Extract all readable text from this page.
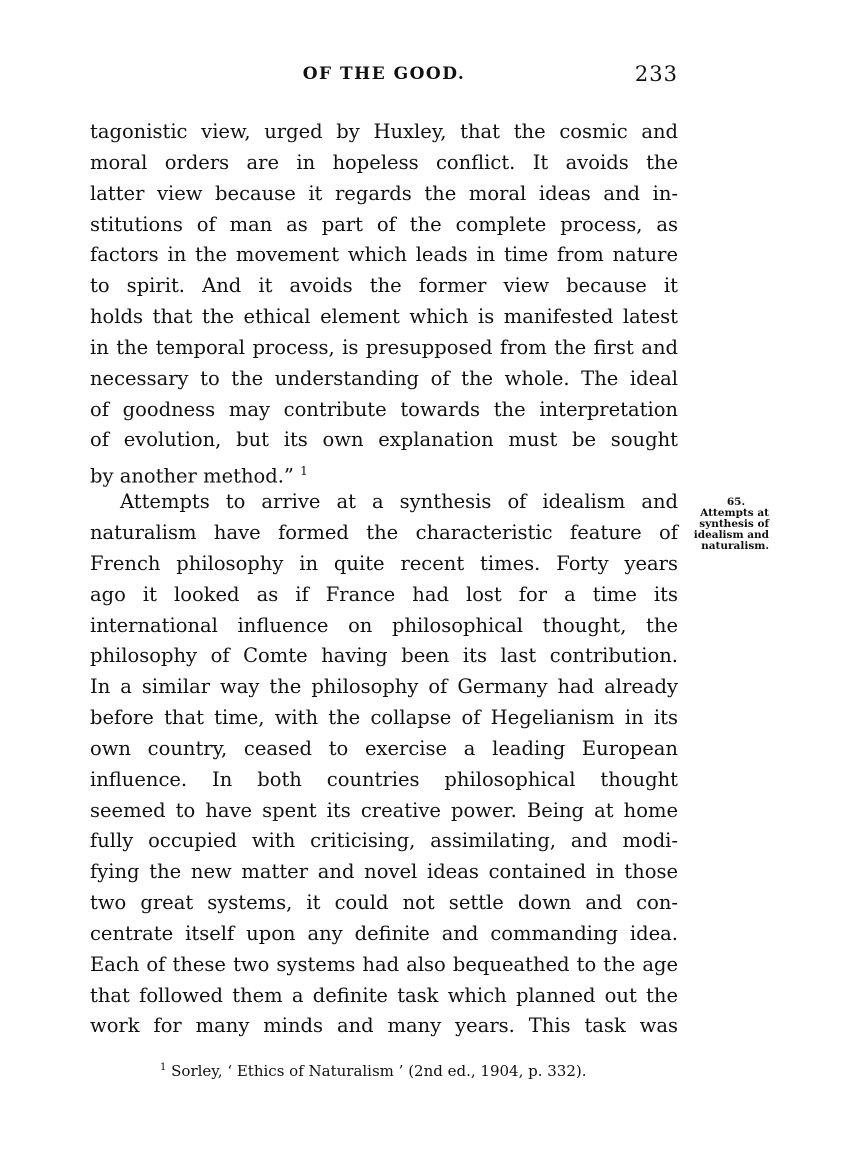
OF THE GOOD.	233
tagonistic view, urged by Huxley, that the cosmic and
moral orders are in hopeless conflict. It avoids the
latter view because it regards the moral ideas and in-
stitutions of man as part of the complete process, as
factors in the movement which leads in time from nature
to spirit. And it avoids the former view because it
holds that the ethical element which is manifested latest
in the temporal process, is presupposed from the first and
necessary to the understanding of the whole. The ideal
of goodness may contribute towards the interpretation
of evolution, but its own explanation must be sought
by another method.” $^1$
Attempts to arrive at a synthesis of idealism and
naturalism have formed the characteristic feature of
French philosophy in quite recent times. Forty years
ago it looked as if France had lost for a time its
international influence on philosophical thought, the
philosophy of Comte having been its last contribution.
In a similar way the philosophy of Germany had already
before that time, with the collapse of Hegelianism in its
own country, ceased to exercise a leading European
influence. In both countries philosophical thought
seemed to have spent its creative power. Being at home
fully occupied with criticising, assimilating, and modi-
fying the new matter and novel ideas contained in those
two great systems, it could not settle down and con-
centrate itself upon any definite and commanding idea.
Each of these two systems had also bequeathed to the age
that followed them a definite task which planned out the
work for many minds and many years. This task was
65.
Attempts at
synthesis of
idealism and
naturalism.
$^1$ Sorley, ‘ Ethics of Naturalism ’ (2nd ed., 1904, p. 332).
